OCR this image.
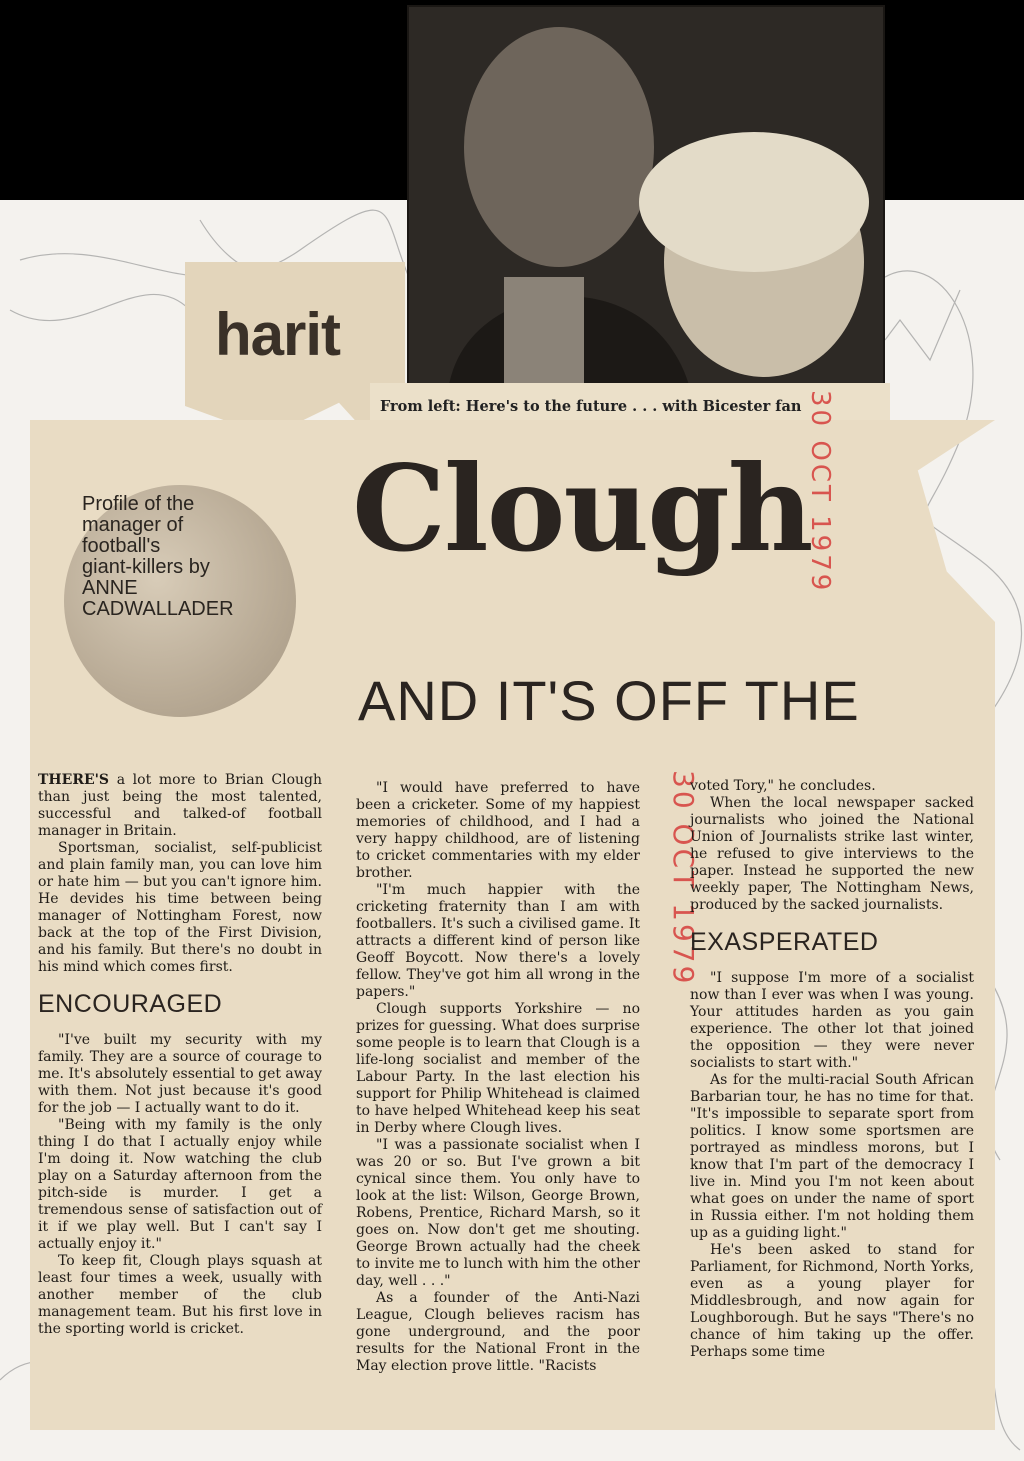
harit
From left: Here's to the future . . . with Bicester fan
Profile of the
manager of
football's
giant-killers by
ANNE
CADWALLADER
Clough
AND IT'S OFF THE
30 OCT 1979
30 OCT 1979

THERE'S a lot more to Brian Clough than just being the most talented, successful and talked-of football manager in Britain.

Sportsman, socialist, self-publicist and plain family man, you can love him or hate him — but you can't ignore him. He devides his time between being manager of Nottingham Forest, now back at the top of the First Division, and his family. But there's no doubt in his mind which comes first.

ENCOURAGED

"I've built my security with my family. They are a source of courage to me. It's absolutely essential to get away with them. Not just because it's good for the job — I actually want to do it.

"Being with my family is the only thing I do that I actually enjoy while I'm doing it. Now watching the club play on a Saturday afternoon from the pitch-side is murder. I get a tremendous sense of satisfaction out of it if we play well. But I can't say I actually enjoy it."

To keep fit, Clough plays squash at least four times a week, usually with another member of the club management team. But his first love in the sporting world is cricket.

"I would have preferred to have been a cricketer. Some of my happiest memories of childhood, and I had a very happy childhood, are of listening to cricket commentaries with my elder brother.

"I'm much happier with the cricketing fraternity than I am with footballers. It's such a civilised game. It attracts a different kind of person like Geoff Boycott. Now there's a lovely fellow. They've got him all wrong in the papers."

Clough supports Yorkshire — no prizes for guessing. What does surprise some people is to learn that Clough is a life-long socialist and member of the Labour Party. In the last election his support for Philip Whitehead is claimed to have helped Whitehead keep his seat in Derby where Clough lives.

"I was a passionate socialist when I was 20 or so. But I've grown a bit cynical since them. You only have to look at the list: Wilson, George Brown, Robens, Prentice, Richard Marsh, so it goes on. Now don't get me shouting. George Brown actually had the cheek to invite me to lunch with him the other day, well . . ."

As a founder of the Anti-Nazi League, Clough believes racism has gone underground, and the poor results for the National Front in the May election prove little. "Racists

voted Tory," he concludes.

When the local newspaper sacked journalists who joined the National Union of Journalists strike last winter, he refused to give interviews to the paper. Instead he supported the new weekly paper, The Nottingham News, produced by the sacked journalists.

EXASPERATED

"I suppose I'm more of a socialist now than I ever was when I was young. Your attitudes harden as you gain experience. The other lot that joined the opposition — they were never socialists to start with."

As for the multi-racial South African Barbarian tour, he has no time for that. "It's impossible to separate sport from politics. I know some sportsmen are portrayed as mindless morons, but I know that I'm part of the democracy I live in. Mind you I'm not keen about what goes on under the name of sport in Russia either. I'm not holding them up as a guiding light."

He's been asked to stand for Parliament, for Richmond, North Yorks, even as a young player for Middlesbrough, and now again for Loughborough. But he says "There's no chance of him taking up the offer. Perhaps some time
